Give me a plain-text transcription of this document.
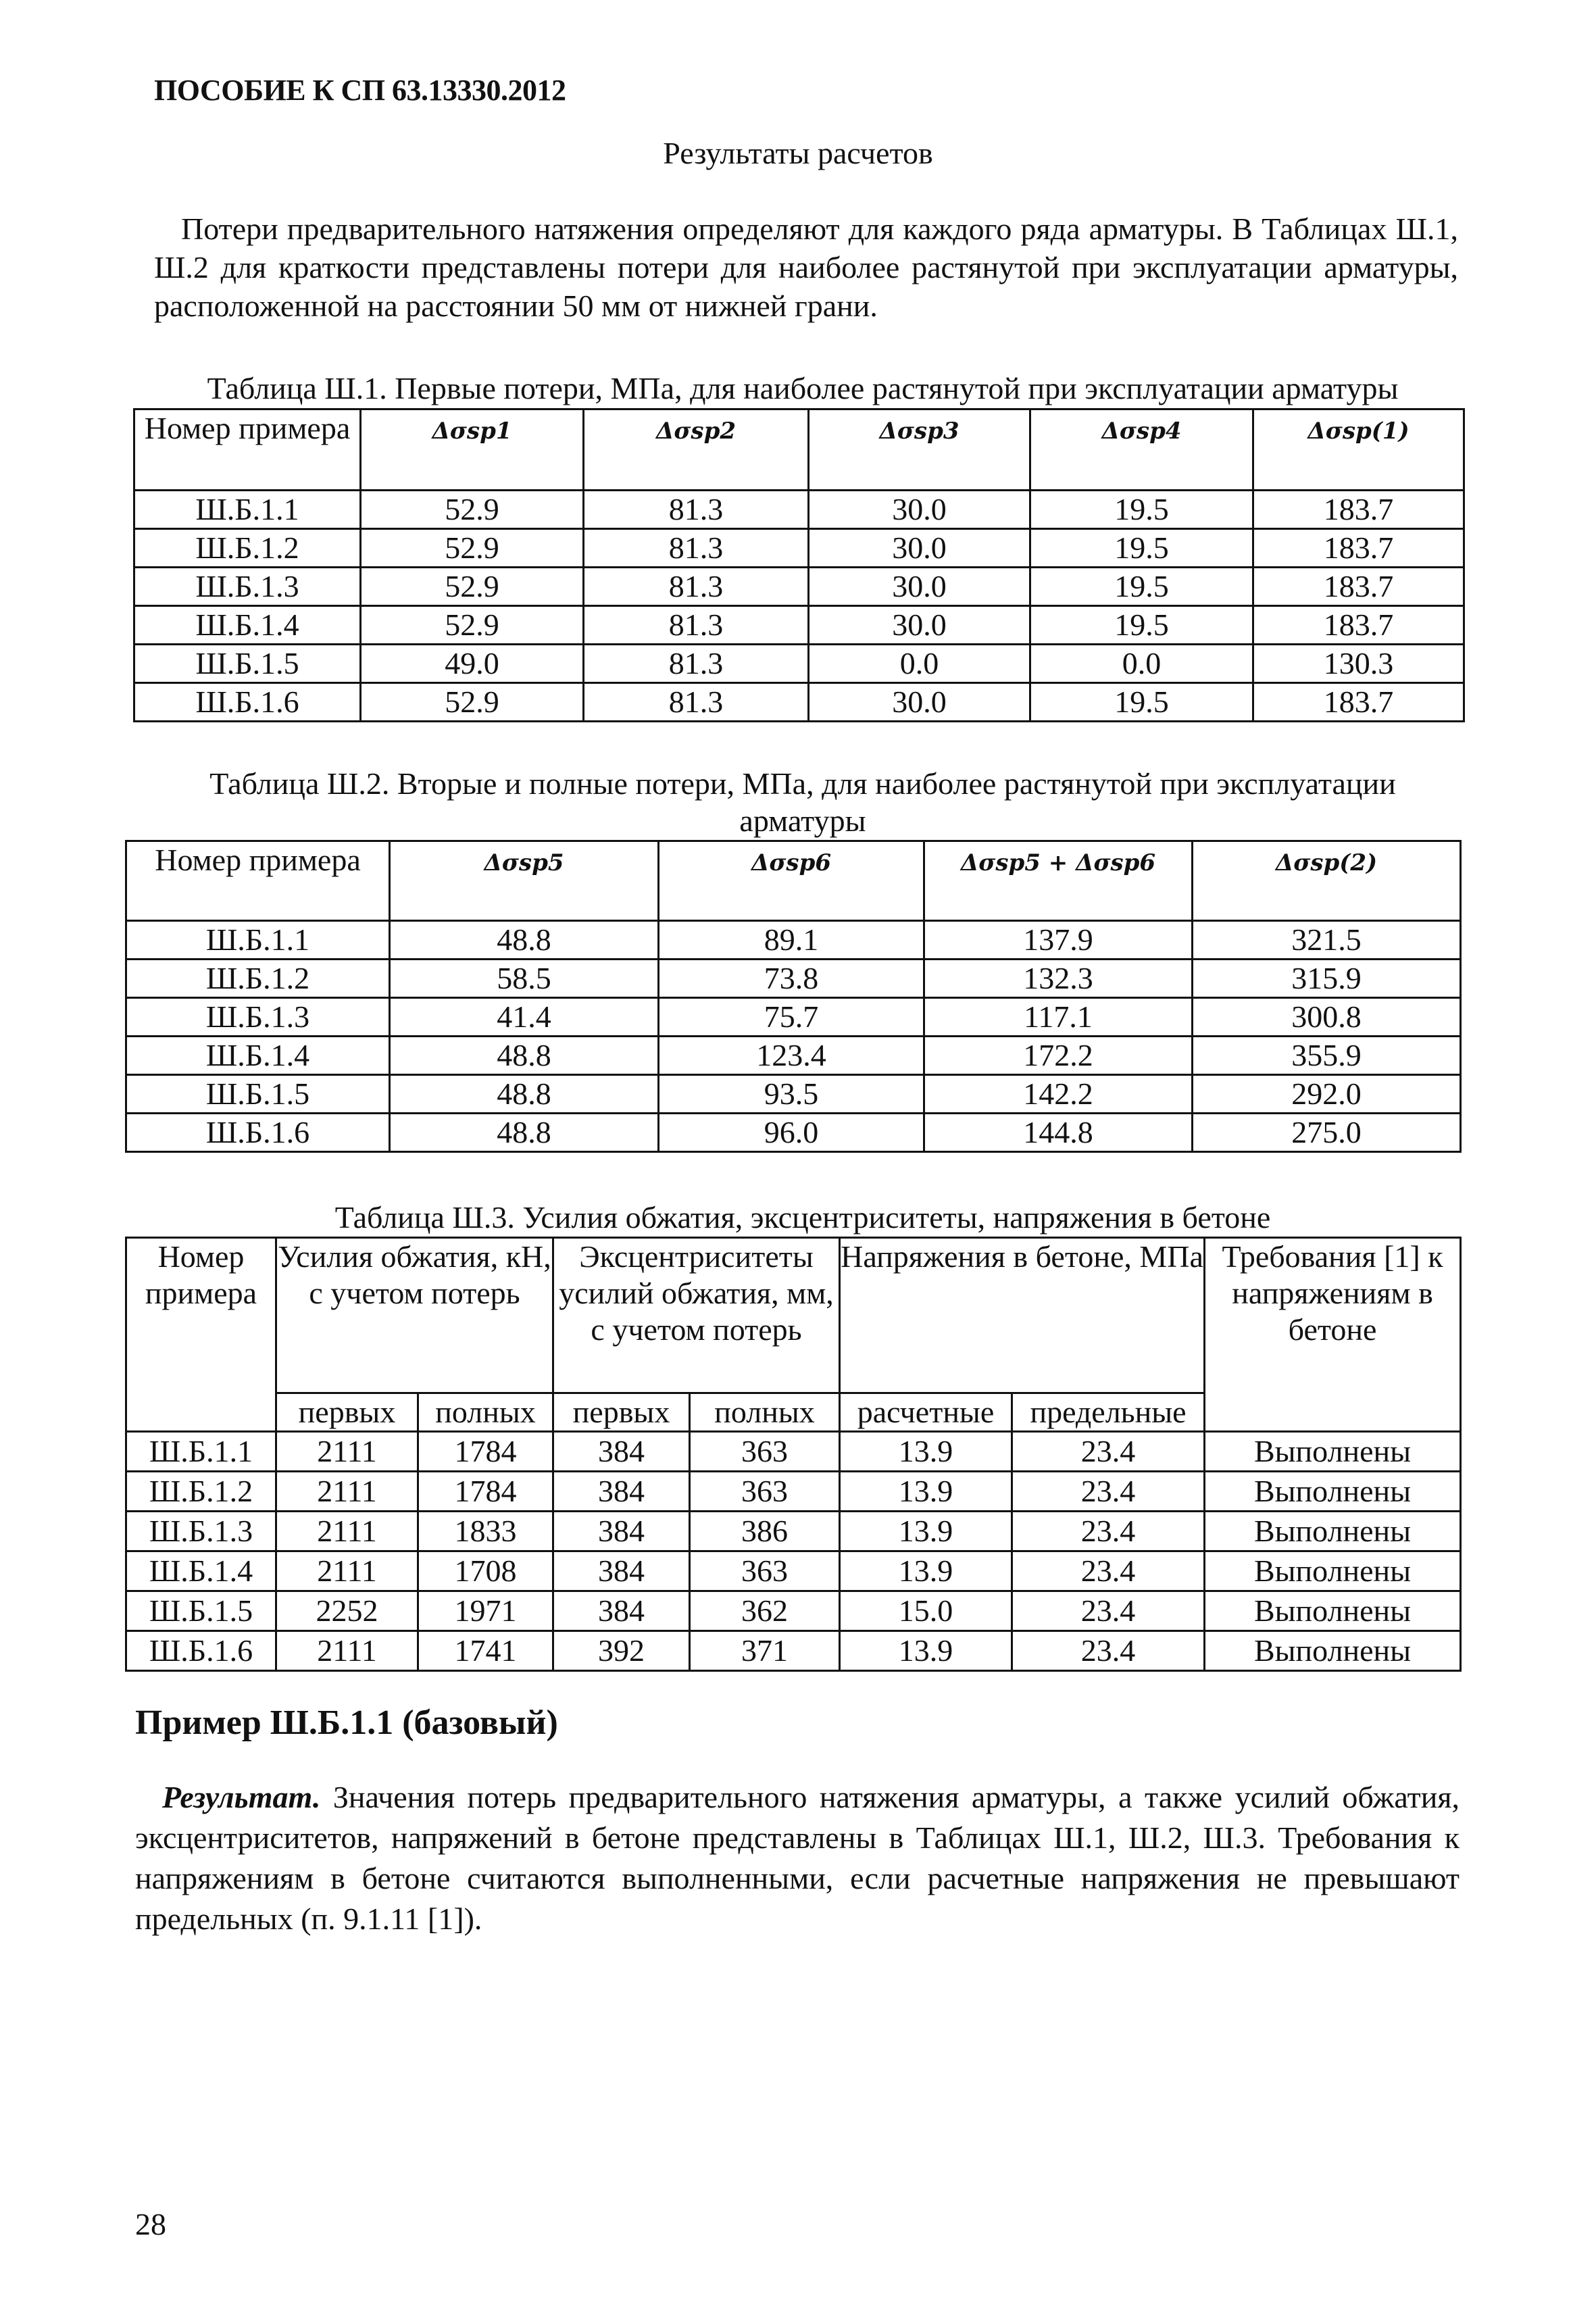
ПОСОБИЕ К СП 63.13330.2012
Результаты расчетов
Потери предварительного натяжения определяют для каждого ряда арматуры. В Таблицах Ш.1, Ш.2 для краткости представлены потери для наиболее растянутой при эксплуатации арматуры, расположенной на расстоянии 50 мм от нижней грани.
Таблица Ш.1. Первые потери, МПа, для наиболее растянутой при эксплуатации арматуры
Номер примера	Δσsp1	Δσsp2	Δσsp3	Δσsp4	Δσsp(1)
Ш.Б.1.1	52.9	81.3	30.0	19.5	183.7
Ш.Б.1.2	52.9	81.3	30.0	19.5	183.7
Ш.Б.1.3	52.9	81.3	30.0	19.5	183.7
Ш.Б.1.4	52.9	81.3	30.0	19.5	183.7
Ш.Б.1.5	49.0	81.3	0.0	0.0	130.3
Ш.Б.1.6	52.9	81.3	30.0	19.5	183.7
Таблица Ш.2. Вторые и полные потери, МПа, для наиболее растянутой при эксплуатации
арматуры
Номер примера	Δσsp5	Δσsp6	Δσsp5 + Δσsp6	Δσsp(2)
Ш.Б.1.1	48.8	89.1	137.9	321.5
Ш.Б.1.2	58.5	73.8	132.3	315.9
Ш.Б.1.3	41.4	75.7	117.1	300.8
Ш.Б.1.4	48.8	123.4	172.2	355.9
Ш.Б.1.5	48.8	93.5	142.2	292.0
Ш.Б.1.6	48.8	96.0	144.8	275.0
Таблица Ш.3. Усилия обжатия, эксцентриситеты, напряжения в бетоне
Номер примера	Усилия обжатия, кН, с учетом потерь		Эксцентриситеты усилий обжатия, мм, с учетом потерь		Напряжения в бетоне, МПа		Требования [1] к напряжениям в бетоне
	первых	полных	первых	полных	расчетные	предельные	
Ш.Б.1.1	2111	1784	384	363	13.9	23.4	Выполнены
Ш.Б.1.2	2111	1784	384	363	13.9	23.4	Выполнены
Ш.Б.1.3	2111	1833	384	386	13.9	23.4	Выполнены
Ш.Б.1.4	2111	1708	384	363	13.9	23.4	Выполнены
Ш.Б.1.5	2252	1971	384	362	15.0	23.4	Выполнены
Ш.Б.1.6	2111	1741	392	371	13.9	23.4	Выполнены
Пример Ш.Б.1.1 (базовый)
Результат. Значения потерь предварительного натяжения арматуры, а также усилий обжатия, эксцентриситетов, напряжений в бетоне представлены в Таблицах Ш.1, Ш.2, Ш.3. Требования к напряжениям в бетоне считаются выполненными, если расчетные напряжения не превышают предельных (п. 9.1.11 [1]).
28
